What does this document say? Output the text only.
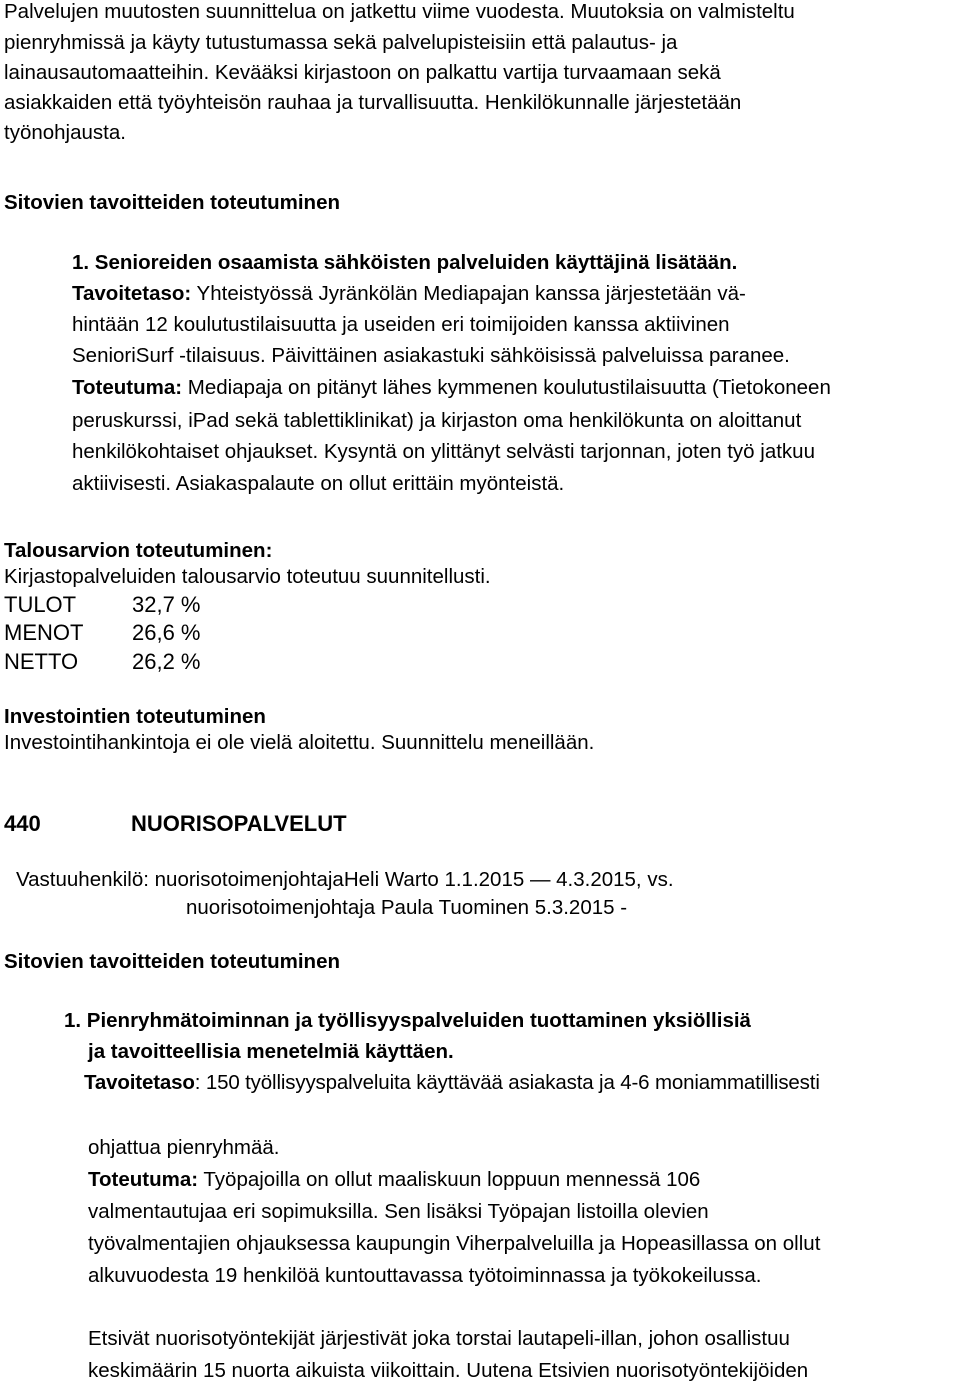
Palvelujen muutosten suunnittelua on jatkettu viime vuodesta. Muutoksia on valmisteltu
pienryhmissä ja käyty tutustumassa sekä palvelupisteisiin että palautus- ja
lainausautomaatteihin. Kevääksi kirjastoon on palkattu vartija turvaamaan sekä
asiakkaiden että työyhteisön rauhaa ja turvallisuutta. Henkilökunnalle järjestetään
työnohjausta.
Sitovien tavoitteiden toteutuminen
1. Senioreiden osaamista sähköisten palveluiden käyttäjinä lisätään.
Tavoitetaso: Yhteistyössä Jyränkölän Mediapajan kanssa järjestetään vä-
hintään 12 koulutustilaisuutta ja useiden eri toimijoiden kanssa aktiivinen
SenioriSurf -tilaisuus. Päivittäinen asiakastuki sähköisissä palveluissa paranee.
Toteutuma: Mediapaja on pitänyt lähes kymmenen koulutustilaisuutta (Tietokoneen
peruskurssi, iPad sekä tablettiklinikat) ja kirjaston oma henkilökunta on aloittanut
henkilökohtaiset ohjaukset. Kysyntä on ylittänyt selvästi tarjonnan, joten työ jatkuu
aktiivisesti. Asiakaspalaute on ollut erittäin myönteistä.
Talousarvion toteutuminen:
Kirjastopalveluiden talousarvio toteutuu suunnitellusti.
TULOT	32,7 %
MENOT 26,6 %
NETTO 26,2 %
Investointien toteutuminen
Investointihankintoja ei ole vielä aloitettu. Suunnittelu meneillään.
440	NUORISOPALVELUT
Vastuuhenkilö: nuorisotoimenjohtajaHeli Warto 1.1.2015 — 4.3.2015, vs.
nuorisotoimenjohtaja Paula Tuominen 5.3.2015 -
Sitovien tavoitteiden toteutuminen
1. Pienryhmätoiminnan ja työllisyyspalveluiden tuottaminen yksiöllisiä
ja tavoitteellisia menetelmiä käyttäen.
Tavoitetaso: 150 työllisyyspalveluita käyttävää asiakasta ja 4-6 moniammatillisesti
ohjattua pienryhmää.
Toteutuma: Työpajoilla on ollut maaliskuun loppuun mennessä 106
valmentautujaa eri sopimuksilla. Sen lisäksi Työpajan listoilla olevien
työvalmentajien ohjauksessa kaupungin Viherpalveluilla ja Hopeasillassa on ollut
alkuvuodesta 19 henkilöä kuntouttavassa työtoiminnassa ja työkokeilussa.
Etsivät nuorisotyöntekijät järjestivät joka torstai lautapeli-illan, johon osallistuu
keskimäärin 15 nuorta aikuista viikoittain. Uutena Etsivien nuorisotyöntekijöiden
